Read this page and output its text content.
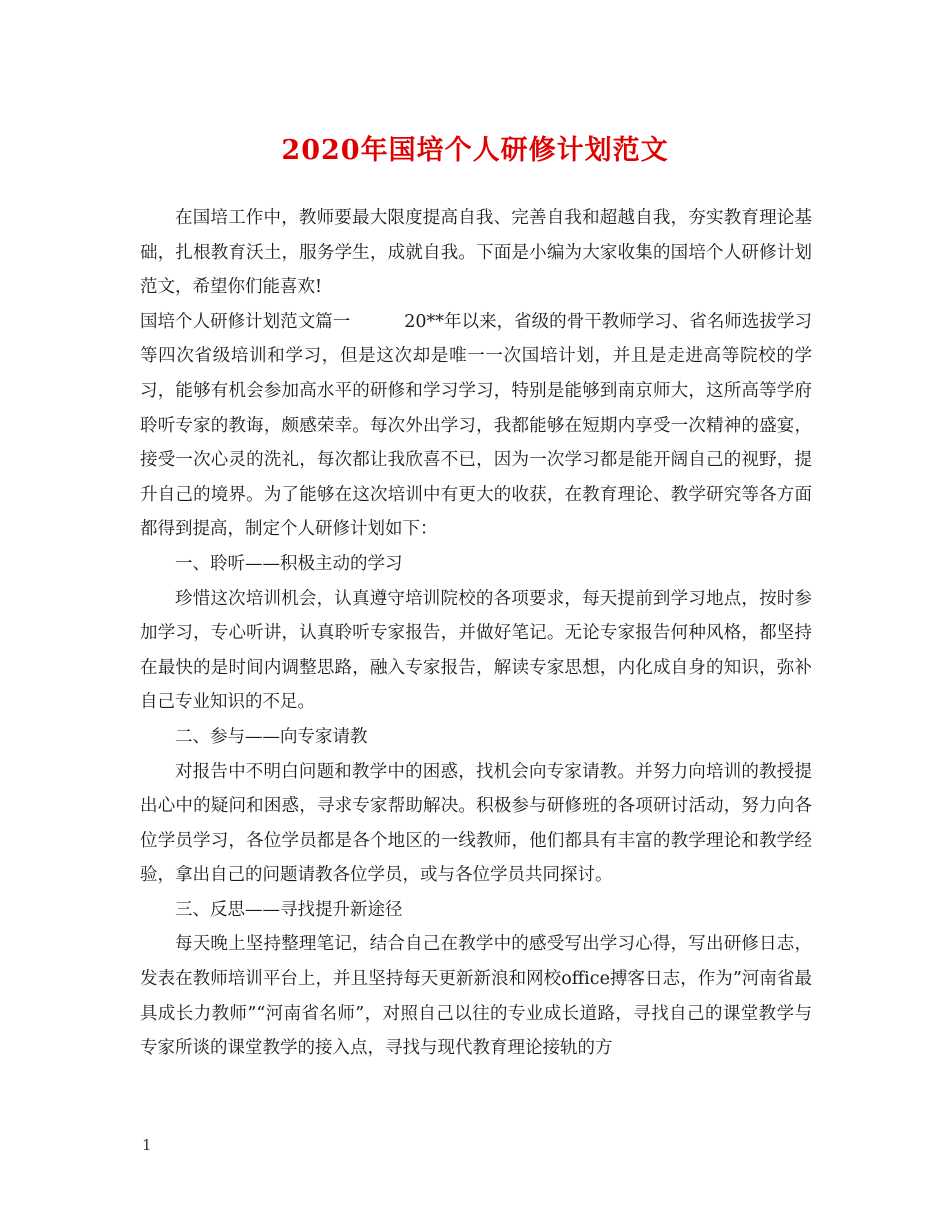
2020年国培个人研修计划范文

在国培工作中，教师要最大限度提高自我、完善自我和超越自我，夯实教育理论基础，扎根教育沃土，服务学生，成就自我。下面是小编为大家收集的国培个人研修计划范文，希望你们能喜欢!

国培个人研修计划范文篇一	20**年以来，省级的骨干教师学习、省名师选拔学习等四次省级培训和学习，但是这次却是唯一一次国培计划，并且是走进高等院校的学习，能够有机会参加高水平的研修和学习学习，特别是能够到南京师大，这所高等学府聆听专家的教诲，颇感荣幸。每次外出学习，我都能够在短期内享受一次精神的盛宴，接受一次心灵的洗礼，每次都让我欣喜不已，因为一次学习都是能开阔自己的视野，提升自己的境界。为了能够在这次培训中有更大的收获，在教育理论、教学研究等各方面都得到提高，制定个人研修计划如下：

一、聆听——积极主动的学习

珍惜这次培训机会，认真遵守培训院校的各项要求，每天提前到学习地点，按时参加学习，专心听讲，认真聆听专家报告，并做好笔记。无论专家报告何种风格，都坚持在最快的是时间内调整思路，融入专家报告，解读专家思想，内化成自身的知识，弥补自己专业知识的不足。

二、参与——向专家请教

对报告中不明白问题和教学中的困惑，找机会向专家请教。并努力向培训的教授提出心中的疑问和困惑，寻求专家帮助解决。积极参与研修班的各项研讨活动，努力向各位学员学习，各位学员都是各个地区的一线教师，他们都具有丰富的教学理论和教学经验，拿出自己的问题请教各位学员，或与各位学员共同探讨。

三、反思——寻找提升新途径

每天晚上坚持整理笔记，结合自己在教学中的感受写出学习心得，写出研修日志，发表在教师培训平台上，并且坚持每天更新新浪和网校office搏客日志，作为”河南省最具成长力教师”“河南省名师”，对照自己以往的专业成长道路，寻找自己的课堂教学与专家所谈的课堂教学的接入点，寻找与现代教育理论接轨的方

1
